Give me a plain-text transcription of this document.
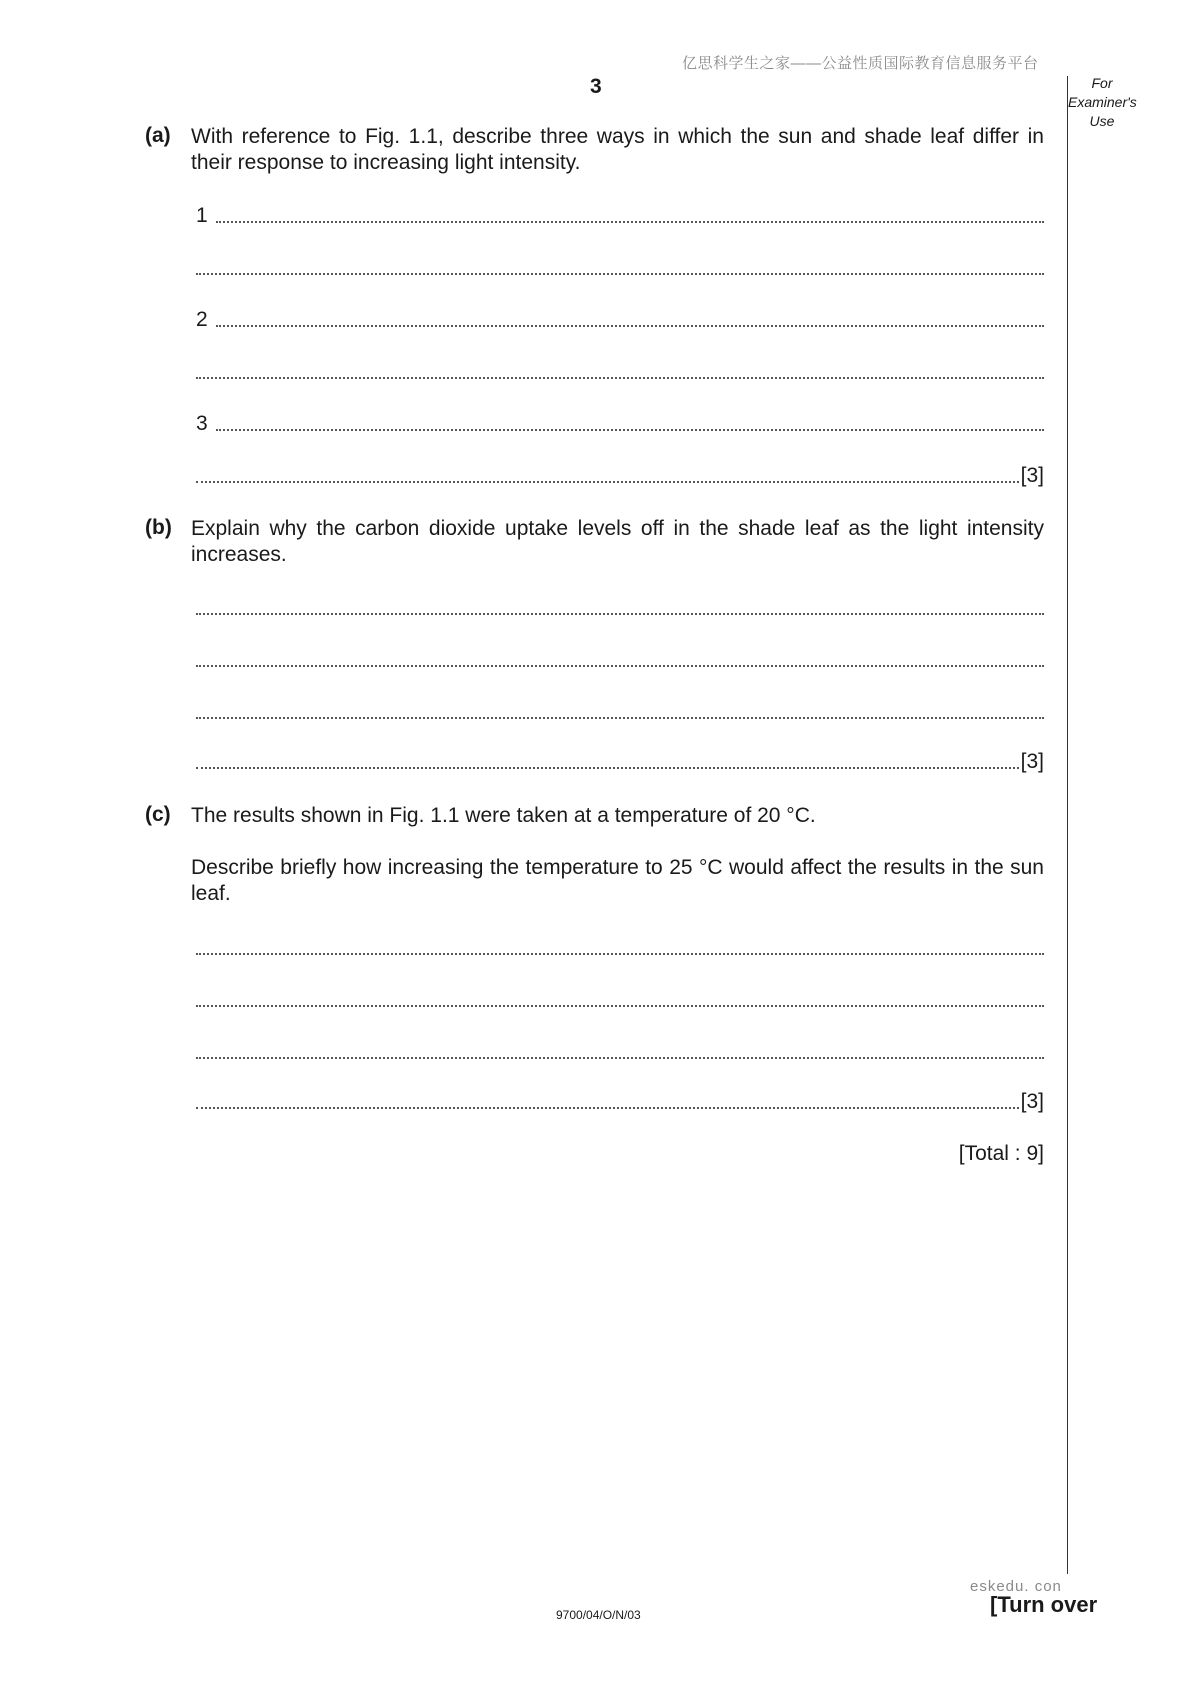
亿思科学生之家——公益性质国际教育信息服务平台
3	For
Examiner's
Use
(a) With reference to Fig. 1.1, describe three ways in which the sun and shade leaf differ in their response to increasing light intensity.
1
2
3
[3]
(b) Explain why the carbon dioxide uptake levels off in the shade leaf as the light intensity increases.
[3]
(c) The results shown in Fig. 1.1 were taken at a temperature of 20 °C.
Describe briefly how increasing the temperature to 25 °C would affect the results in the sun leaf.
[3]
[Total : 9]
eskedu. con
9700/04/O/N/03	[Turn over
